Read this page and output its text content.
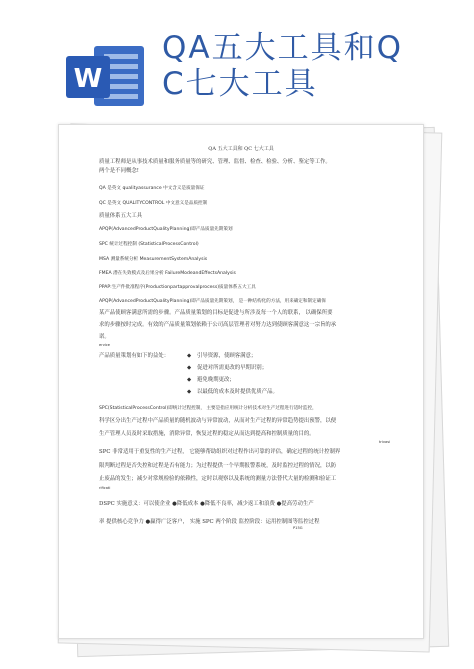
W
QA五大工具和Q
C七大工具
QA 五大工具和 QC 七大工具
质量工程师是从事技术质量和服务质量等的研究、管理、监督、检查、检验、分析、鉴定等工作。
两个是不同概念!
QA 是英文 qualityassurance 中文含义是质量保证
QC 是英文 QUALITYCONTROL 中文意义是品质控制
质量体系五大工具
APQP(AdvancedProductQualityPlanning)即产品质量先期策划
SPC 统计过程控制 (StatisticalProcessControl)
MSA 测量系统分析 MeasurementSystemAnalysis
FMEA 潜在失效模式及后果分析 FailureModeandEffectsAnalysis
PPAP:生产件批准程序(Productionpartapprovalprocess)质量体系五大工具
APQP(AdvancedProductQualityPlanning)即产品质量先期策划， 是一种结构化的方法，用来确定和制定确保
某产品使顾客满意所需的步骤。产品质量策划的目标是促进与所涉及每一个人的联系， 以确保所要
求的步骤按时完成。有效的产品质量策划依赖于公司高层管理者对努力达到使顾客满意这一宗旨的承
诺。
ervice
产品质量策划有如下的益处：	◆ 引导资源，使顾客满意；
◆ 促进对所需更改的早期识别；
◆ 避免晚期更改；
◆ 以最低的成本及时提供优质产品。
SPC(StatisticalProcessControl)即统计过程控制， 主要是指应用统计分析技术对生产过程进行适时监控，
科学区分出生产过程中产品质量的随机波动与异常波动，从而对生产过程的异常趋势提出预警，以便
生产管理人员及时采取措施，消除异常，恢复过程的稳定从而达到提高和控制质量的目的。
trivasi
SPC 非常适用于重复性的生产过程， 它能够帮助组织对过程作出可靠的评估，确定过程的统计控制界
限判断过程是否失控和过程是否有能力；为过程提供一个早期报警系统，及时监控过程的情况，以防
止废品的发生；减少对常规检验的依赖性，定时以观察以及系统的测量方法替代大量的检测和验证工
rificati
DSPC 实施意义：可以使企业 ●降低成本 ●降低不良率，减少返工和浪费 ●提高劳动生产
率 提供核心竞争力 ●赢得广泛客户， 实施 SPC 两个阶段 监控阶段：运用控制图等监控过程
P15G
